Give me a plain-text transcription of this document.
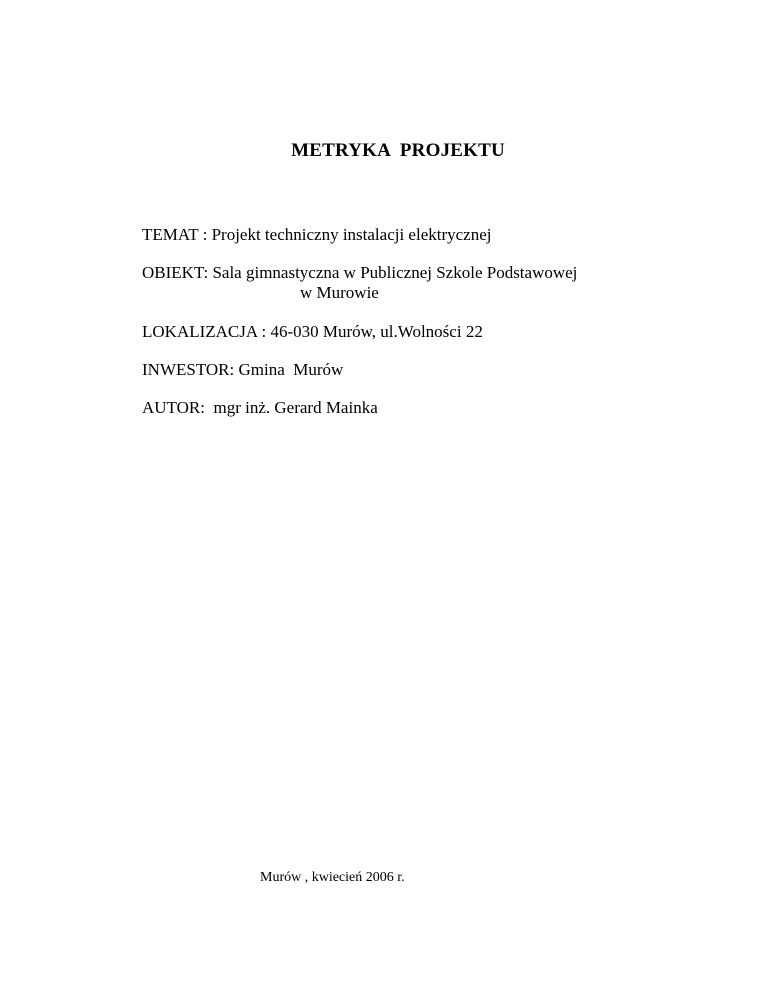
METRYKA  PROJEKTU
TEMAT : Projekt techniczny instalacji elektrycznej
OBIEKT: Sala gimnastyczna w Publicznej Szkole Podstawowej
w Murowie
LOKALIZACJA : 46-030 Murów, ul.Wolności 22
INWESTOR: Gmina  Murów
AUTOR:  mgr inż. Gerard Mainka
Murów , kwiecień 2006 r.
